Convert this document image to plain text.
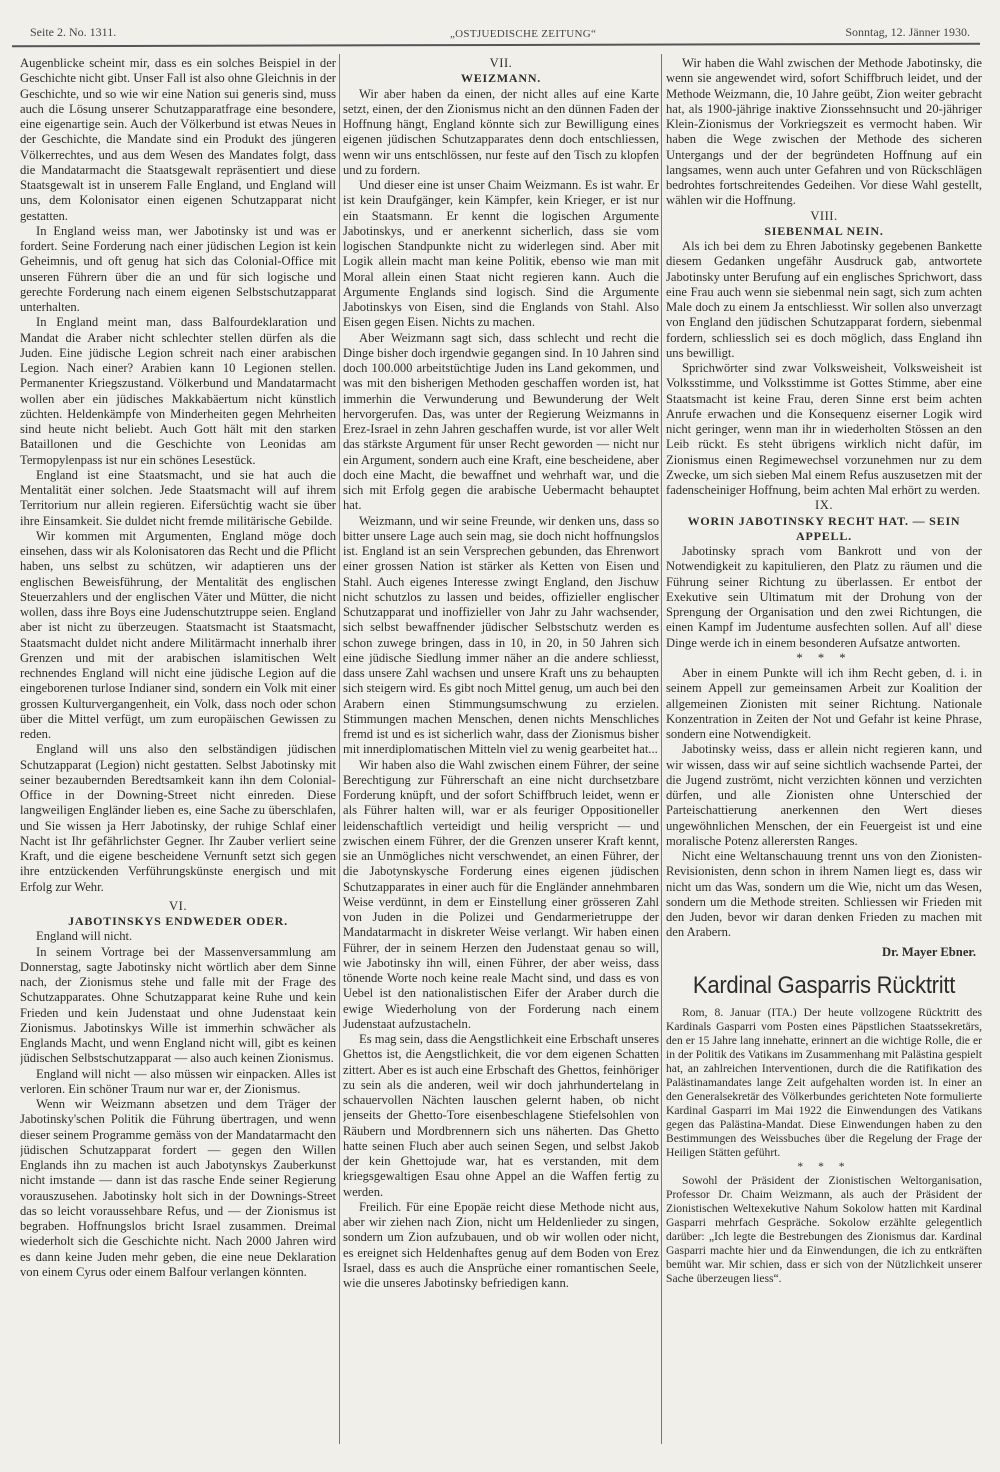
Seite 2. No. 1311.	„OSTJUEDISCHE ZEITUNG“	Sonntag, 12. Jänner 1930.

Augenblicke scheint mir, dass es ein solches Beispiel in der Geschichte nicht gibt. Unser Fall ist also ohne Gleichnis in der Geschichte, und so wie wir eine Nation sui generis sind, muss auch die Lösung unserer Schutzapparatfrage eine besondere, eine eigenartige sein. Auch der Völkerbund ist etwas Neues in der Geschichte, die Mandate sind ein Produkt des jüngeren Völkerrechtes, und aus dem Wesen des Mandates folgt, dass die Mandatarmacht die Staatsgewalt repräsentiert und diese Staatsgewalt ist in unserem Falle England, und England will uns, dem Kolonisator einen eigenen Schutzapparat nicht gestatten.

In England weiss man, wer Jabotinsky ist und was er fordert. Seine Forderung nach einer jüdischen Legion ist kein Geheimnis, und oft genug hat sich das Colonial-Office mit unseren Führern über die an und für sich logische und gerechte Forderung nach einem eigenen Selbstschutzapparat unterhalten.

In England meint man, dass Balfourdeklaration und Mandat die Araber nicht schlechter stellen dürfen als die Juden. Eine jüdische Legion schreit nach einer arabischen Legion. Nach einer? Arabien kann 10 Legionen stellen. Permanenter Kriegszustand. Völkerbund und Mandatarmacht wollen aber ein jüdisches Makkabäertum nicht künstlich züchten. Heldenkämpfe von Minderheiten gegen Mehrheiten sind heute nicht beliebt. Auch Gott hält mit den starken Bataillonen und die Geschichte von Leonidas am Termopylenpass ist nur ein schönes Lesestück.

England ist eine Staatsmacht, und sie hat auch die Mentalität einer solchen. Jede Staatsmacht will auf ihrem Territorium nur allein regieren. Eifersüchtig wacht sie über ihre Einsamkeit. Sie duldet nicht fremde militärische Gebilde.

Wir kommen mit Argumenten, England möge doch einsehen, dass wir als Kolonisatoren das Recht und die Pflicht haben, uns selbst zu schützen, wir adaptieren uns der englischen Beweisführung, der Mentalität des englischen Steuerzahlers und der englischen Väter und Mütter, die nicht wollen, dass ihre Boys eine Judenschutztruppe seien. England aber ist nicht zu überzeugen. Staatsmacht ist Staatsmacht, Staatsmacht duldet nicht andere Militärmacht innerhalb ihrer Grenzen und mit der arabischen islamitischen Welt rechnendes England will nicht eine jüdische Legion auf die eingeborenen turlose Indianer sind, sondern ein Volk mit einer grossen Kulturvergangenheit, ein Volk, dass noch oder schon über die Mittel verfügt, um zum europäischen Gewissen zu reden.

England will uns also den selbständigen jüdischen Schutzapparat (Legion) nicht gestatten. Selbst Jabotinsky mit seiner bezaubernden Beredtsamkeit kann ihn dem Colonial-Office in der Downing-Street nicht einreden. Diese langweiligen Engländer lieben es, eine Sache zu überschlafen, und Sie wissen ja Herr Jabotinsky, der ruhige Schlaf einer Nacht ist Ihr gefährlichster Gegner. Ihr Zauber verliert seine Kraft, und die eigene bescheidene Vernunft setzt sich gegen ihre entzückenden Verführungskünste energisch und mit Erfolg zur Wehr.

VI.

JABOTINSKYS ENDWEDER ODER.

England will nicht.

In seinem Vortrage bei der Massenversammlung am Donnerstag, sagte Jabotinsky nicht wörtlich aber dem Sinne nach, der Zionismus stehe und falle mit der Frage des Schutzapparates. Ohne Schutzapparat keine Ruhe und kein Frieden und kein Judenstaat und ohne Judenstaat kein Zionismus. Jabotinskys Wille ist immerhin schwächer als Englands Macht, und wenn England nicht will, gibt es keinen jüdischen Selbstschutzapparat — also auch keinen Zionismus.

England will nicht — also müssen wir einpacken. Alles ist verloren. Ein schöner Traum nur war er, der Zionismus.

Wenn wir Weizmann absetzen und dem Träger der Jabotinsky'schen Politik die Führung übertragen, und wenn dieser seinem Programme gemäss von der Mandatarmacht den jüdischen Schutzapparat fordert — gegen den Willen Englands ihn zu machen ist auch Jabotynskys Zauberkunst nicht imstande — dann ist das rasche Ende seiner Regierung vorauszusehen. Jabotinsky holt sich in der Downings-Street das so leicht voraussehbare Refus, und — der Zionismus ist begraben. Hoffnungslos bricht Israel zusammen. Dreimal wiederholt sich die Geschichte nicht. Nach 2000 Jahren wird es dann keine Juden mehr geben, die eine neue Deklaration von einem Cyrus oder einem Balfour verlangen könnten.

VII.

WEIZMANN.

Wir aber haben da einen, der nicht alles auf eine Karte setzt, einen, der den Zionismus nicht an den dünnen Faden der Hoffnung hängt, England könnte sich zur Bewilligung eines eigenen jüdischen Schutzapparates denn doch entschliessen, wenn wir uns entschlössen, nur feste auf den Tisch zu klopfen und zu fordern.

Und dieser eine ist unser Chaim Weizmann. Es ist wahr. Er ist kein Draufgänger, kein Kämpfer, kein Krieger, er ist nur ein Staatsmann. Er kennt die logischen Argumente Jabotinskys, und er anerkennt sicherlich, dass sie vom logischen Standpunkte nicht zu widerlegen sind. Aber mit Logik allein macht man keine Politik, ebenso wie man mit Moral allein einen Staat nicht regieren kann. Auch die Argumente Englands sind logisch. Sind die Argumente Jabotinskys von Eisen, sind die Englands von Stahl. Also Eisen gegen Eisen. Nichts zu machen.

Aber Weizmann sagt sich, dass schlecht und recht die Dinge bisher doch irgendwie gegangen sind. In 10 Jahren sind doch 100.000 arbeitstüchtige Juden ins Land gekommen, und was mit den bisherigen Methoden geschaffen worden ist, hat immerhin die Verwunderung und Bewunderung der Welt hervorgerufen. Das, was unter der Regierung Weizmanns in Erez-Israel in zehn Jahren geschaffen wurde, ist vor aller Welt das stärkste Argument für unser Recht geworden — nicht nur ein Argument, sondern auch eine Kraft, eine bescheidene, aber doch eine Macht, die bewaffnet und wehrhaft war, und die sich mit Erfolg gegen die arabische Uebermacht behauptet hat.

Weizmann, und wir seine Freunde, wir denken uns, dass so bitter unsere Lage auch sein mag, sie doch nicht hoffnungslos ist. England ist an sein Versprechen gebunden, das Ehrenwort einer grossen Nation ist stärker als Ketten von Eisen und Stahl. Auch eigenes Interesse zwingt England, den Jischuw nicht schutzlos zu lassen und beides, offizieller englischer Schutzapparat und inoffizieller von Jahr zu Jahr wachsender, sich selbst bewaffnender jüdischer Selbstschutz werden es schon zuwege bringen, dass in 10, in 20, in 50 Jahren sich eine jüdische Siedlung immer näher an die andere schliesst, dass unsere Zahl wachsen und unsere Kraft uns zu behaupten sich steigern wird. Es gibt noch Mittel genug, um auch bei den Arabern einen Stimmungsumschwung zu erzielen. Stimmungen machen Menschen, denen nichts Menschliches fremd ist und es ist sicherlich wahr, dass der Zionismus bisher mit innerdiplomatischen Mitteln viel zu wenig gearbeitet hat...

Wir haben also die Wahl zwischen einem Führer, der seine Berechtigung zur Führerschaft an eine nicht durchsetzbare Forderung knüpft, und der sofort Schiffbruch leidet, wenn er als Führer halten will, war er als feuriger Oppositioneller leidenschaftlich verteidigt und heilig verspricht — und zwischen einem Führer, der die Grenzen unserer Kraft kennt, sie an Unmögliches nicht verschwendet, an einen Führer, der die Jabotynskysche Forderung eines eigenen jüdischen Schutzapparates in einer auch für die Engländer annehmbaren Weise verdünnt, in dem er Einstellung einer grösseren Zahl von Juden in die Polizei und Gendarmerietruppe der Mandatarmacht in diskreter Weise verlangt. Wir haben einen Führer, der in seinem Herzen den Judenstaat genau so will, wie Jabotinsky ihn will, einen Führer, der aber weiss, dass tönende Worte noch keine reale Macht sind, und dass es von Uebel ist den nationalistischen Eifer der Araber durch die ewige Wiederholung von der Forderung nach einem Judenstaat aufzustacheln.

Es mag sein, dass die Aengstlichkeit eine Erbschaft unseres Ghettos ist, die Aengstlichkeit, die vor dem eigenen Schatten zittert. Aber es ist auch eine Erbschaft des Ghettos, feinhöriger zu sein als die anderen, weil wir doch jahrhundertelang in schauervollen Nächten lauschen gelernt haben, ob nicht jenseits der Ghetto-Tore eisenbeschlagene Stiefelsohlen von Räubern und Mordbrennern sich uns näherten. Das Ghetto hatte seinen Fluch aber auch seinen Segen, und selbst Jakob der kein Ghettojude war, hat es verstanden, mit dem kriegsgewaltigen Esau ohne Appel an die Waffen fertig zu werden.

Freilich. Für eine Epopäe reicht diese Methode nicht aus, aber wir ziehen nach Zion, nicht um Heldenlieder zu singen, sondern um Zion aufzubauen, und ob wir wollen oder nicht, es ereignet sich Heldenhaftes genug auf dem Boden von Erez Israel, dass es auch die Ansprüche einer romantischen Seele, wie die unseres Jabotinsky befriedigen kann.

Wir haben die Wahl zwischen der Methode Jabotinsky, die wenn sie angewendet wird, sofort Schiffbruch leidet, und der Methode Weizmann, die, 10 Jahre geübt, Zion weiter gebracht hat, als 1900-jährige inaktive Zionssehnsucht und 20-jähriger Klein-Zionismus der Vorkriegszeit es vermocht haben. Wir haben die Wege zwischen der Methode des sicheren Untergangs und der der begründeten Hoffnung auf ein langsames, wenn auch unter Gefahren und von Rückschlägen bedrohtes fortschreitendes Gedeihen. Vor diese Wahl gestellt, wählen wir die Hoffnung.

VIII.

SIEBENMAL NEIN.

Als ich bei dem zu Ehren Jabotinsky gegebenen Bankette diesem Gedanken ungefähr Ausdruck gab, antwortete Jabotinsky unter Berufung auf ein englisches Sprichwort, dass eine Frau auch wenn sie siebenmal nein sagt, sich zum achten Male doch zu einem Ja entschliesst. Wir sollen also unverzagt von England den jüdischen Schutzapparat fordern, siebenmal fordern, schliesslich sei es doch möglich, dass England ihn uns bewilligt.

Sprichwörter sind zwar Volksweisheit, Volksweisheit ist Volksstimme, und Volksstimme ist Gottes Stimme, aber eine Staatsmacht ist keine Frau, deren Sinne erst beim achten Anrufe erwachen und die Konsequenz eiserner Logik wird nicht geringer, wenn man ihr in wiederholten Stössen an den Leib rückt. Es steht übrigens wirklich nicht dafür, im Zionismus einen Regimewechsel vorzunehmen nur zu dem Zwecke, um sich sieben Mal einem Refus auszusetzen mit der fadenscheiniger Hoffnung, beim achten Mal erhört zu werden.

IX.

WORIN JABOTINSKY RECHT HAT. — SEIN APPELL.

Jabotinsky sprach vom Bankrott und von der Notwendigkeit zu kapitulieren, den Platz zu räumen und die Führung seiner Richtung zu überlassen. Er entbot der Exekutive sein Ultimatum mit der Drohung von der Sprengung der Organisation und den zwei Richtungen, die einen Kampf im Judentume ausfechten sollen. Auf all' diese Dinge werde ich in einem besonderen Aufsatze antworten.

* * *

Aber in einem Punkte will ich ihm Recht geben, d. i. in seinem Appell zur gemeinsamen Arbeit zur Koalition der allgemeinen Zionisten mit seiner Richtung. Nationale Konzentration in Zeiten der Not und Gefahr ist keine Phrase, sondern eine Notwendigkeit.

Jabotinsky weiss, dass er allein nicht regieren kann, und wir wissen, dass wir auf seine sichtlich wachsende Partei, der die Jugend zuströmt, nicht verzichten können und verzichten dürfen, und alle Zionisten ohne Unterschied der Parteischattierung anerkennen den Wert dieses ungewöhnlichen Menschen, der ein Feuergeist ist und eine moralische Potenz allerersten Ranges.

Nicht eine Weltanschauung trennt uns von den Zionisten-Revisionisten, denn schon in ihrem Namen liegt es, dass wir nicht um das Was, sondern um die Wie, nicht um das Wesen, sondern um die Methode streiten. Schliessen wir Frieden mit den Juden, bevor wir daran denken Frieden zu machen mit den Arabern.

Dr. Mayer Ebner.

Kardinal Gasparris Rücktritt

Rom, 8. Januar (ITA.) Der heute vollzogene Rücktritt des Kardinals Gasparri vom Posten eines Päpstlichen Staatssekretärs, den er 15 Jahre lang innehatte, erinnert an die wichtige Rolle, die er in der Politik des Vatikans im Zusammenhang mit Palästina gespielt hat, an zahlreichen Interventionen, durch die die Ratifikation des Palästinamandates lange Zeit aufgehalten worden ist. In einer an den Generalsekretär des Völkerbundes gerichteten Note formulierte Kardinal Gasparri im Mai 1922 die Einwendungen des Vatikans gegen das Palästina-Mandat. Diese Einwendungen haben zu den Bestimmungen des Weissbuches über die Regelung der Frage der Heiligen Stätten geführt.

* * *

Sowohl der Präsident der Zionistischen Weltorganisation, Professor Dr. Chaim Weizmann, als auch der Präsident der Zionistischen Weltexekutive Nahum Sokolow hatten mit Kardinal Gasparri mehrfach Gespräche. Sokolow erzählte gelegentlich darüber: „Ich legte die Bestrebungen des Zionismus dar. Kardinal Gasparri machte hier und da Einwendungen, die ich zu entkräften bemüht war. Mir schien, dass er sich von der Nützlichkeit unserer Sache überzeugen liess“.
